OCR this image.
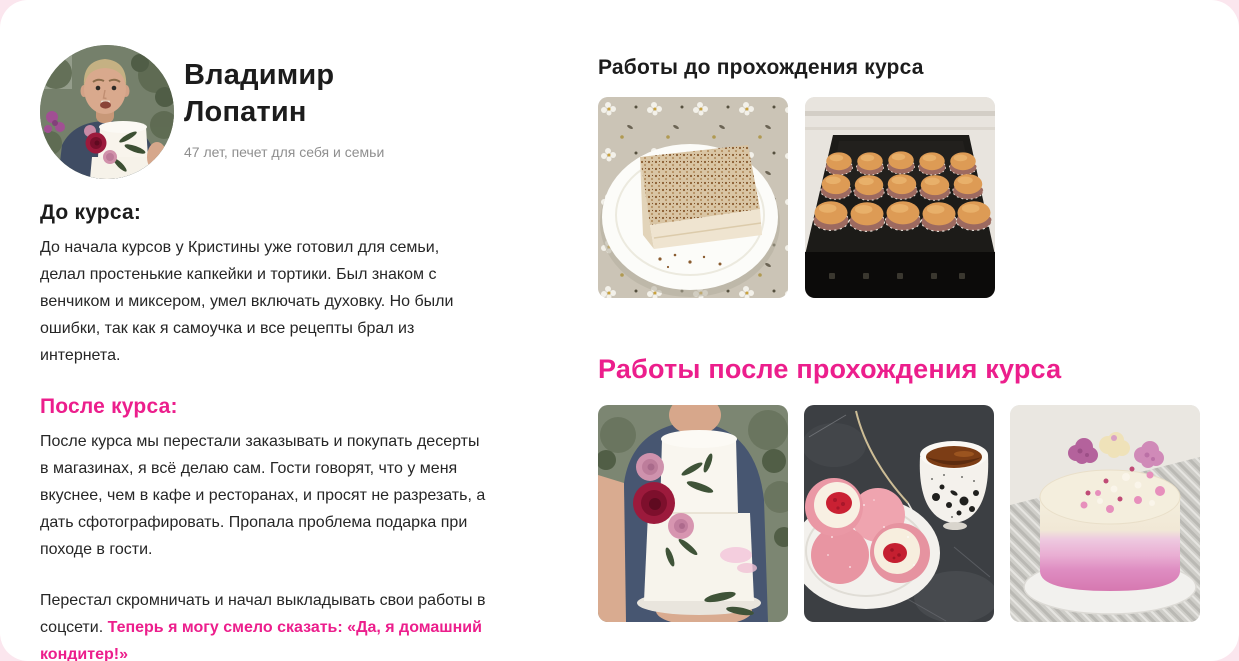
Владимир Лопатин
47 лет, печет для себя и семьи
До курса:

До начала курсов у Кристины уже готовил для семьи, делал простенькие капкейки и тортики. Был знаком с венчиком и миксером, умел включать духовку. Но были ошибки, так как я самоучка и все рецепты брал из интернета.

После курса:

После курса мы перестали заказывать и покупать десерты в магазинах, я всё делаю сам. Гости говорят, что у меня вкуснее, чем в кафе и ресторанах, и просят не разрезать, а дать сфотографировать. Пропала проблема подарка при походе в гости.

Перестал скромничать и начал выкладывать свои работы в соцсети. Теперь я могу смело сказать: «Да, я домашний кондитер!»

Работы до прохождения курса
Работы после прохождения курса
